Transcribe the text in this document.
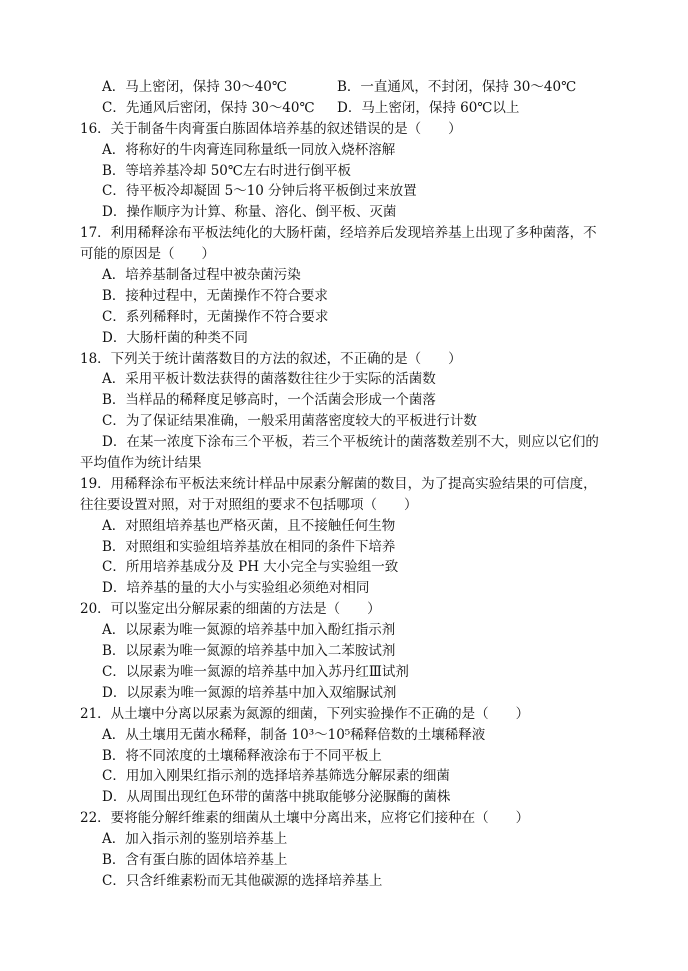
A．马上密闭，保持 30～40℃	B．一直通风，不封闭，保持 30～40℃
C．先通风后密闭，保持 30～40℃	D．马上密闭，保持 60℃以上
16．关于制备牛肉膏蛋白胨固体培养基的叙述错误的是（　　）
A．将称好的牛肉膏连同称量纸一同放入烧杯溶解
B．等培养基冷却 50℃左右时进行倒平板
C．待平板冷却凝固 5～10 分钟后将平板倒过来放置
D．操作顺序为计算、称量、溶化、倒平板、灭菌
17．利用稀释涂布平板法纯化的大肠杆菌，经培养后发现培养基上出现了多种菌落，不
可能的原因是（　　）
A．培养基制备过程中被杂菌污染
B．接种过程中，无菌操作不符合要求
C．系列稀释时，无菌操作不符合要求
D．大肠杆菌的种类不同
18．下列关于统计菌落数目的方法的叙述，不正确的是（　　）
A．采用平板计数法获得的菌落数往往少于实际的活菌数
B．当样品的稀释度足够高时，一个活菌会形成一个菌落
C．为了保证结果准确，一般采用菌落密度较大的平板进行计数
D．在某一浓度下涂布三个平板，若三个平板统计的菌落数差别不大，则应以它们的
平均值作为统计结果
19．用稀释涂布平板法来统计样品中尿素分解菌的数目，为了提高实验结果的可信度，
往往要设置对照，对于对照组的要求不包括哪项（　　）
A．对照组培养基也严格灭菌，且不接触任何生物
B．对照组和实验组培养基放在相同的条件下培养
C．所用培养基成分及 PH 大小完全与实验组一致
D．培养基的量的大小与实验组必须绝对相同
20．可以鉴定出分解尿素的细菌的方法是（　　）
A．以尿素为唯一氮源的培养基中加入酚红指示剂
B．以尿素为唯一氮源的培养基中加入二苯胺试剂
C．以尿素为唯一氮源的培养基中加入苏丹红Ⅲ试剂
D．以尿素为唯一氮源的培养基中加入双缩脲试剂
21．从土壤中分离以尿素为氮源的细菌，下列实验操作不正确的是（　　）
A．从土壤用无菌水稀释，制备 10³～10⁵稀释倍数的土壤稀释液
B．将不同浓度的土壤稀释液涂布于不同平板上
C．用加入刚果红指示剂的选择培养基筛选分解尿素的细菌
D．从周围出现红色环带的菌落中挑取能够分泌脲酶的菌株
22．要将能分解纤维素的细菌从土壤中分离出来，应将它们接种在（　　）
A．加入指示剂的鉴别培养基上
B．含有蛋白胨的固体培养基上
C．只含纤维素粉而无其他碳源的选择培养基上
